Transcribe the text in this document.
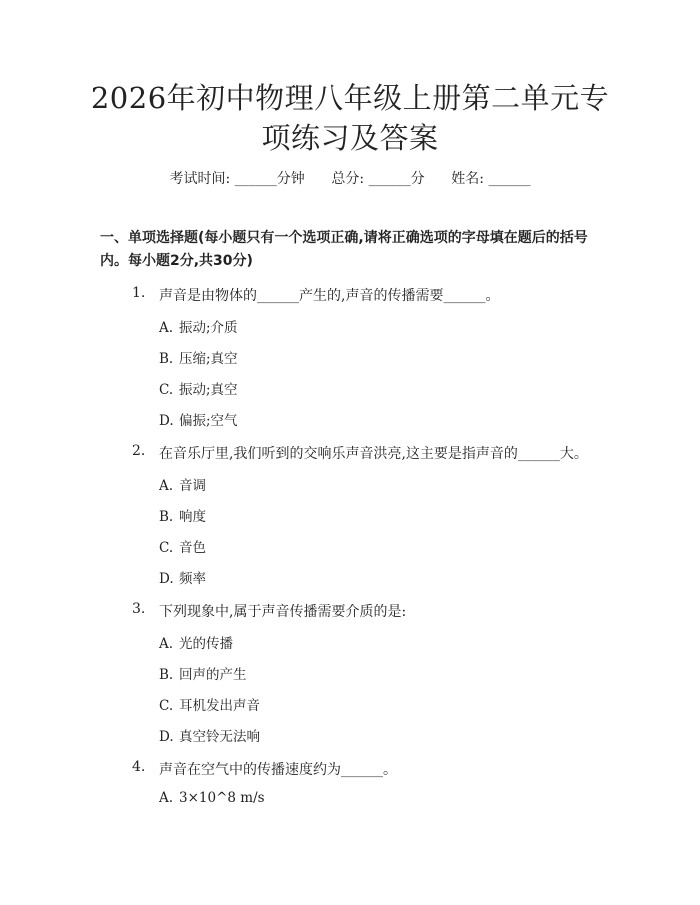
2026年初中物理八年级上册第二单元专项练习及答案
考试时间: ______分钟 总分: ______分 姓名: ______
一、单项选择题(每小题只有一个选项正确,请将正确选项的字母填在题后的括号内。每小题2分,共30分)
1. 声音是由物体的______产生的,声音的传播需要______。
A. 振动;介质
B. 压缩;真空
C. 振动;真空
D. 偏振;空气
2. 在音乐厅里,我们听到的交响乐声音洪亮,这主要是指声音的______大。
A. 音调
B. 响度
C. 音色
D. 频率
3. 下列现象中,属于声音传播需要介质的是:
A. 光的传播
B. 回声的产生
C. 耳机发出声音
D. 真空铃无法响
4. 声音在空气中的传播速度约为______。
A. 3×10^8 m/s
